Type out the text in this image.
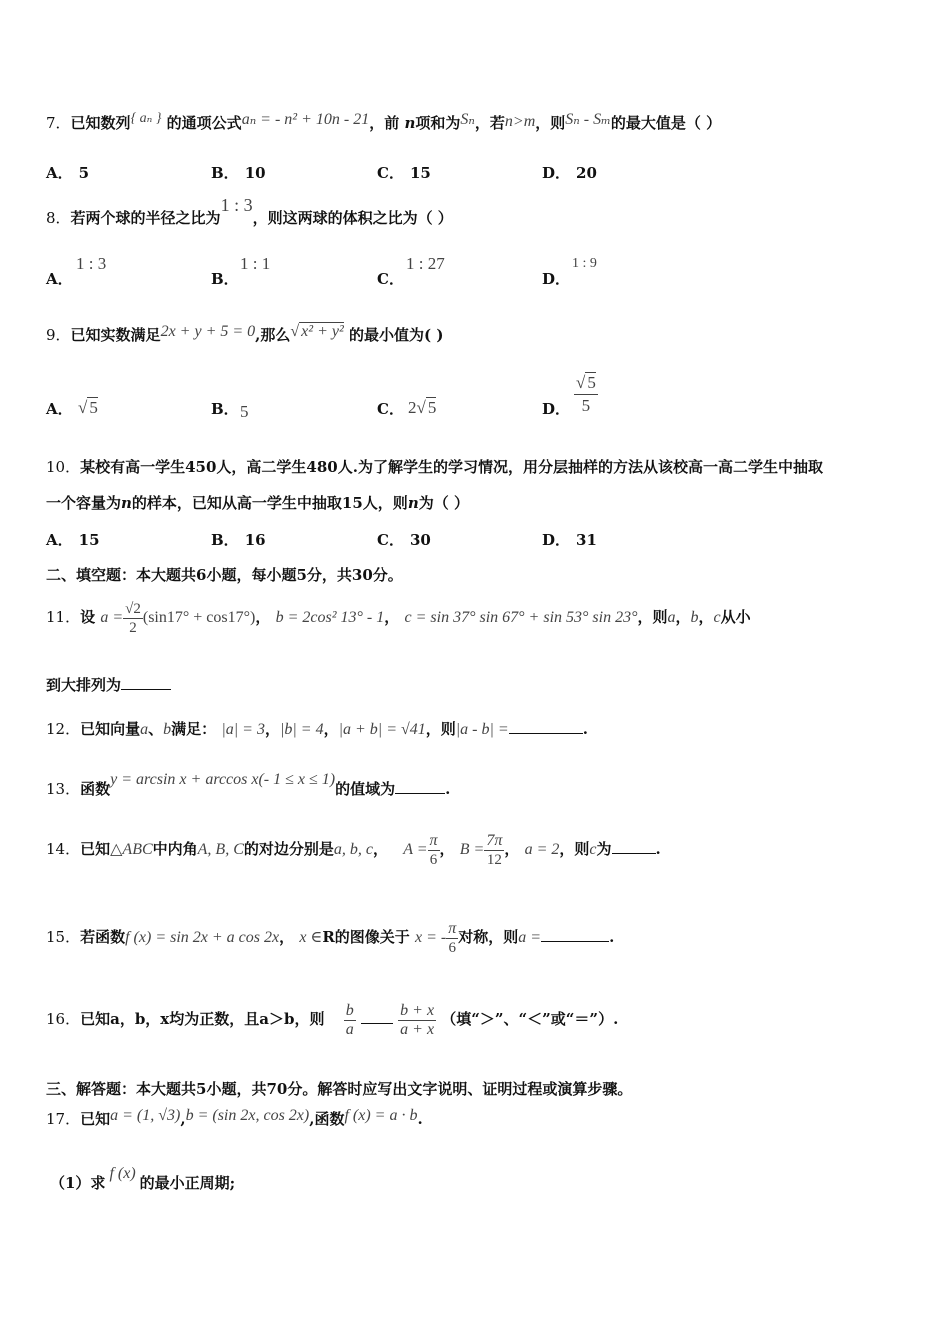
7．已知数列{ aₙ } 的通项公式aₙ = - n² + 10n - 21，前 n项和为Sₙ，若n>m，则Sₙ - Sₘ的最大值是（ ）
A． 5	B． 10	C． 15	D． 20
8．若两个球的半径之比为1 : 3，则这两球的体积之比为（ ）
A．
1 : 3
B．
1 : 1
C．
1 : 27
D．
1 : 9
9．已知实数满足2x + y + 5 = 0,那么√ x² + y² 的最小值为( )
A． √ 5	B． 5	C． 2√ 5	D． $\frac{√ 5}{5}$
10．某校有高一学生450人，高二学生480人.为了解学生的学习情况，用分层抽样的方法从该校高一高二学生中抽取
一个容量为n的样本，已知从高一学生中抽取15人，则n为（ ）
A． 15	B． 16	C． 30	D． 31
二、填空题：本大题共6小题，每小题5分，共30分。
11．设 $a = \frac{√2}{2} (\sin 17^\circ + \cos 17^\circ)$， b = 2cos² 13° - 1， c = sin 37° sin 67° + sin 53° sin 23°，则a，b，c从小
到大排列为
12．已知向量a、b满足： |a| = 3，|b| = 4，|a + b| = √41，则|a - b| =	.
13．函数y = arcsin x + arccos x(- 1 ≤ x ≤ 1)的值域为	.
14．已知△ABC中内角A, B, C的对边分别是a, b, c， $A = \frac{\pi}{6}$ ， $B = \frac{7\pi}{12}$ ， a = 2，则c为	.
15．若函数f (x) = sin 2x + a cos 2x， x ∈R的图像关于 x = - $\frac{\pi}{6}$ 对称，则a =	.
16．已知a，b，x均为正数，且a＞b，则 $\frac{b}{a}$
	$\frac{b + x}{a + x}$ （填“＞”、“＜”或“＝”）.
三、解答题：本大题共5小题，共70分。解答时应写出文字说明、证明过程或演算步骤。
17．已知a = (1, √3),b = (sin 2x, cos 2x),函数f (x) = a · b.
（1）求f (x)的最小正周期;
